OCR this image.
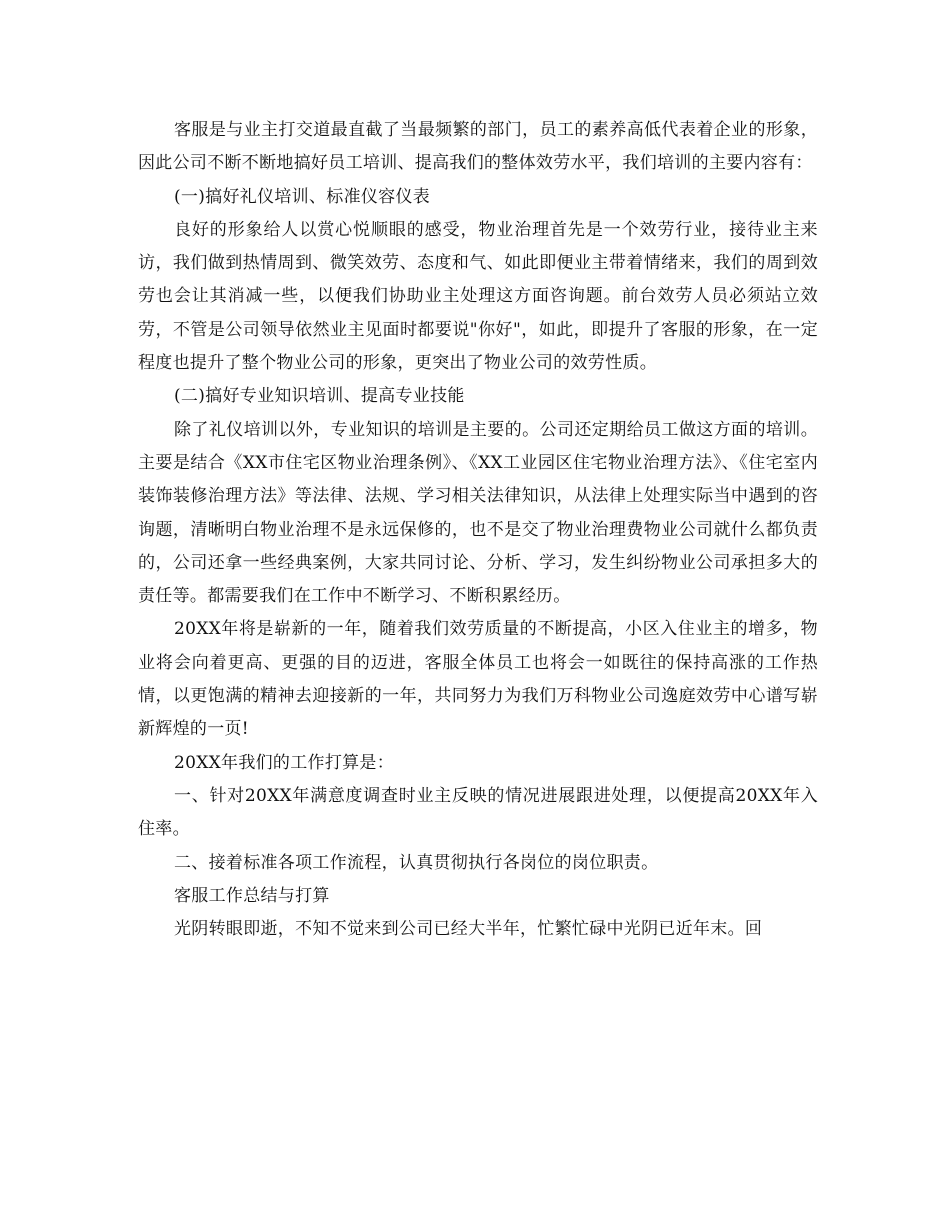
客服是与业主打交道最直截了当最频繁的部门，员工的素养高低代表着企业的形象，因此公司不断不断地搞好员工培训、提高我们的整体效劳水平，我们培训的主要内容有：

(一)搞好礼仪培训、标准仪容仪表

良好的形象给人以赏心悦顺眼的感受，物业治理首先是一个效劳行业，接待业主来访，我们做到热情周到、微笑效劳、态度和气、如此即便业主带着情绪来，我们的周到效劳也会让其消减一些，以便我们协助业主处理这方面咨询题。前台效劳人员必须站立效劳，不管是公司领导依然业主见面时都要说"你好"，如此，即提升了客服的形象，在一定程度也提升了整个物业公司的形象，更突出了物业公司的效劳性质。

(二)搞好专业知识培训、提高专业技能

除了礼仪培训以外，专业知识的培训是主要的。公司还定期给员工做这方面的培训。主要是结合《XX市住宅区物业治理条例》、《XX工业园区住宅物业治理方法》、《住宅室内装饰装修治理方法》等法律、法规、学习相关法律知识，从法律上处理实际当中遇到的咨询题，清晰明白物业治理不是永远保修的，也不是交了物业治理费物业公司就什么都负责的，公司还拿一些经典案例，大家共同讨论、分析、学习，发生纠纷物业公司承担多大的责任等。都需要我们在工作中不断学习、不断积累经历。

20XX年将是崭新的一年，随着我们效劳质量的不断提高，小区入住业主的增多，物业将会向着更高、更强的目的迈进，客服全体员工也将会一如既往的保持高涨的工作热情，以更饱满的精神去迎接新的一年，共同努力为我们万科物业公司逸庭效劳中心谱写崭新辉煌的一页!

20XX年我们的工作打算是：

一、针对20XX年满意度调查时业主反映的情况进展跟进处理，以便提高20XX年入住率。

二、接着标准各项工作流程，认真贯彻执行各岗位的岗位职责。

客服工作总结与打算

光阴转眼即逝，不知不觉来到公司已经大半年，忙繁忙碌中光阴已近年末。回
